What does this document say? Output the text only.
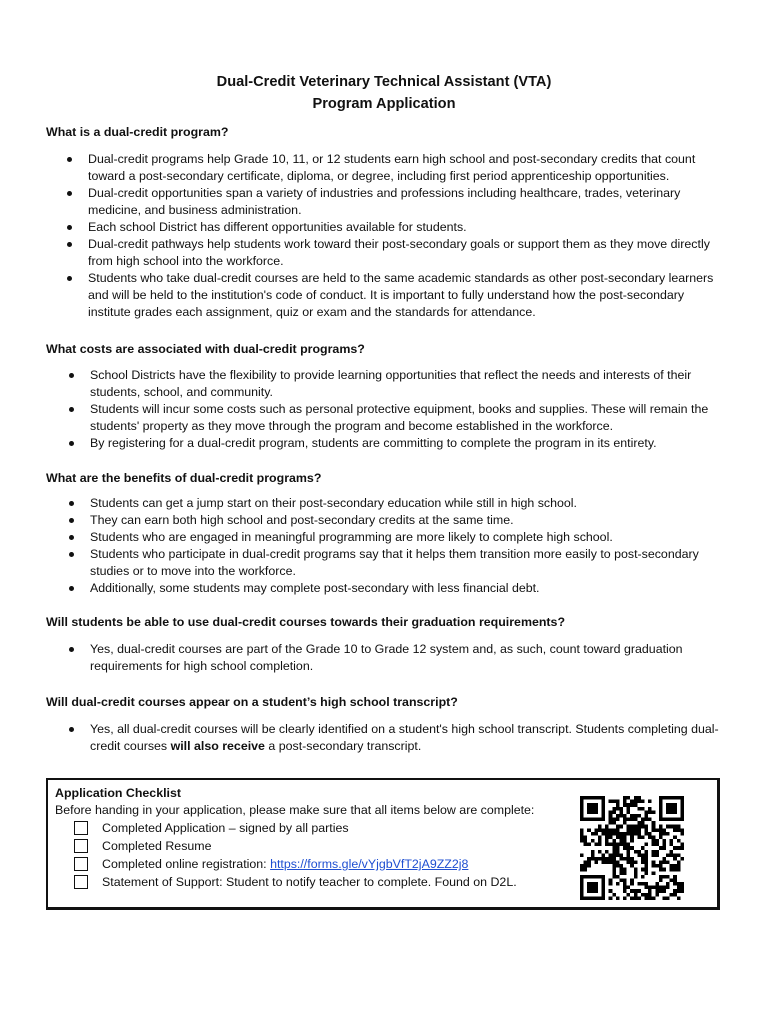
Dual-Credit Veterinary Technical Assistant (VTA)
Program Application
What is a dual-credit program?
Dual-credit programs help Grade 10, 11, or 12 students earn high school and post-secondary credits that count toward a post-secondary certificate, diploma, or degree, including first period apprenticeship opportunities.
Dual-credit opportunities span a variety of industries and professions including healthcare, trades, veterinary medicine, and business administration.
Each school District has different opportunities available for students.
Dual-credit pathways help students work toward their post-secondary goals or support them as they move directly from high school into the workforce.
Students who take dual-credit courses are held to the same academic standards as other post-secondary learners and will be held to the institution's code of conduct. It is important to fully understand how the post-secondary institute grades each assignment, quiz or exam and the standards for attendance.
What costs are associated with dual-credit programs?
School Districts have the flexibility to provide learning opportunities that reflect the needs and interests of their students, school, and community.
Students will incur some costs such as personal protective equipment, books and supplies. These will remain the students' property as they move through the program and become established in the workforce.
By registering for a dual-credit program, students are committing to complete the program in its entirety.
What are the benefits of dual-credit programs?
Students can get a jump start on their post-secondary education while still in high school.
They can earn both high school and post-secondary credits at the same time.
Students who are engaged in meaningful programming are more likely to complete high school.
Students who participate in dual-credit programs say that it helps them transition more easily to post-secondary studies or to move into the workforce.
Additionally, some students may complete post-secondary with less financial debt.
Will students be able to use dual-credit courses towards their graduation requirements?
Yes, dual-credit courses are part of the Grade 10 to Grade 12 system and, as such, count toward graduation requirements for high school completion.
Will dual-credit courses appear on a student’s high school transcript?
Yes, all dual-credit courses will be clearly identified on a student's high school transcript. Students completing dual-credit courses will also receive a post-secondary transcript.
Application Checklist
Before handing in your application, please make sure that all items below are complete:
Completed Application – signed by all parties
Completed Resume
Completed online registration: https://forms.gle/vYjgbVfT2jA9ZZ2j8
Statement of Support: Student to notify teacher to complete. Found on D2L.
